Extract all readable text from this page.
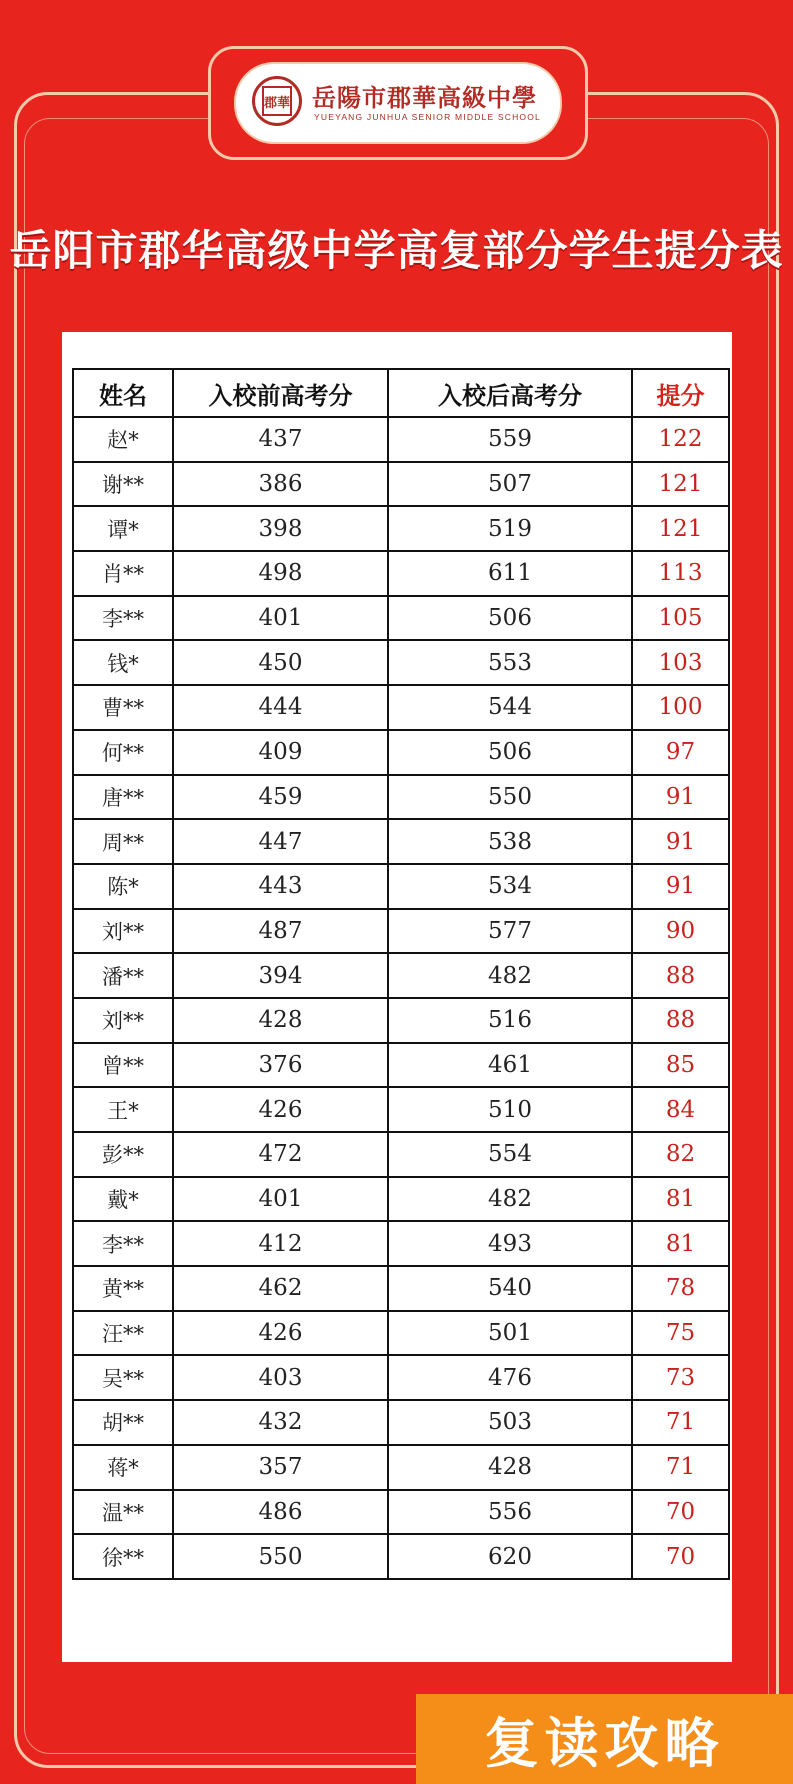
郡華 岳陽市郡華高級中學
YUEYANG JUNHUA SENIOR MIDDLE SCHOOL
岳阳市郡华高级中学高复部分学生提分表
姓名	入校前高考分	入校后高考分	提分
赵*	437	559	122
谢**	386	507	121
谭*	398	519	121
肖**	498	611	113
李**	401	506	105
钱*	450	553	103
曹**	444	544	100
何**	409	506	97
唐**	459	550	91
周**	447	538	91
陈*	443	534	91
刘**	487	577	90
潘**	394	482	88
刘**	428	516	88
曾**	376	461	85
王*	426	510	84
彭**	472	554	82
戴*	401	482	81
李**	412	493	81
黄**	462	540	78
汪**	426	501	75
吴**	403	476	73
胡**	432	503	71
蒋*	357	428	71
温**	486	556	70
徐**	550	620	70
复读攻略
